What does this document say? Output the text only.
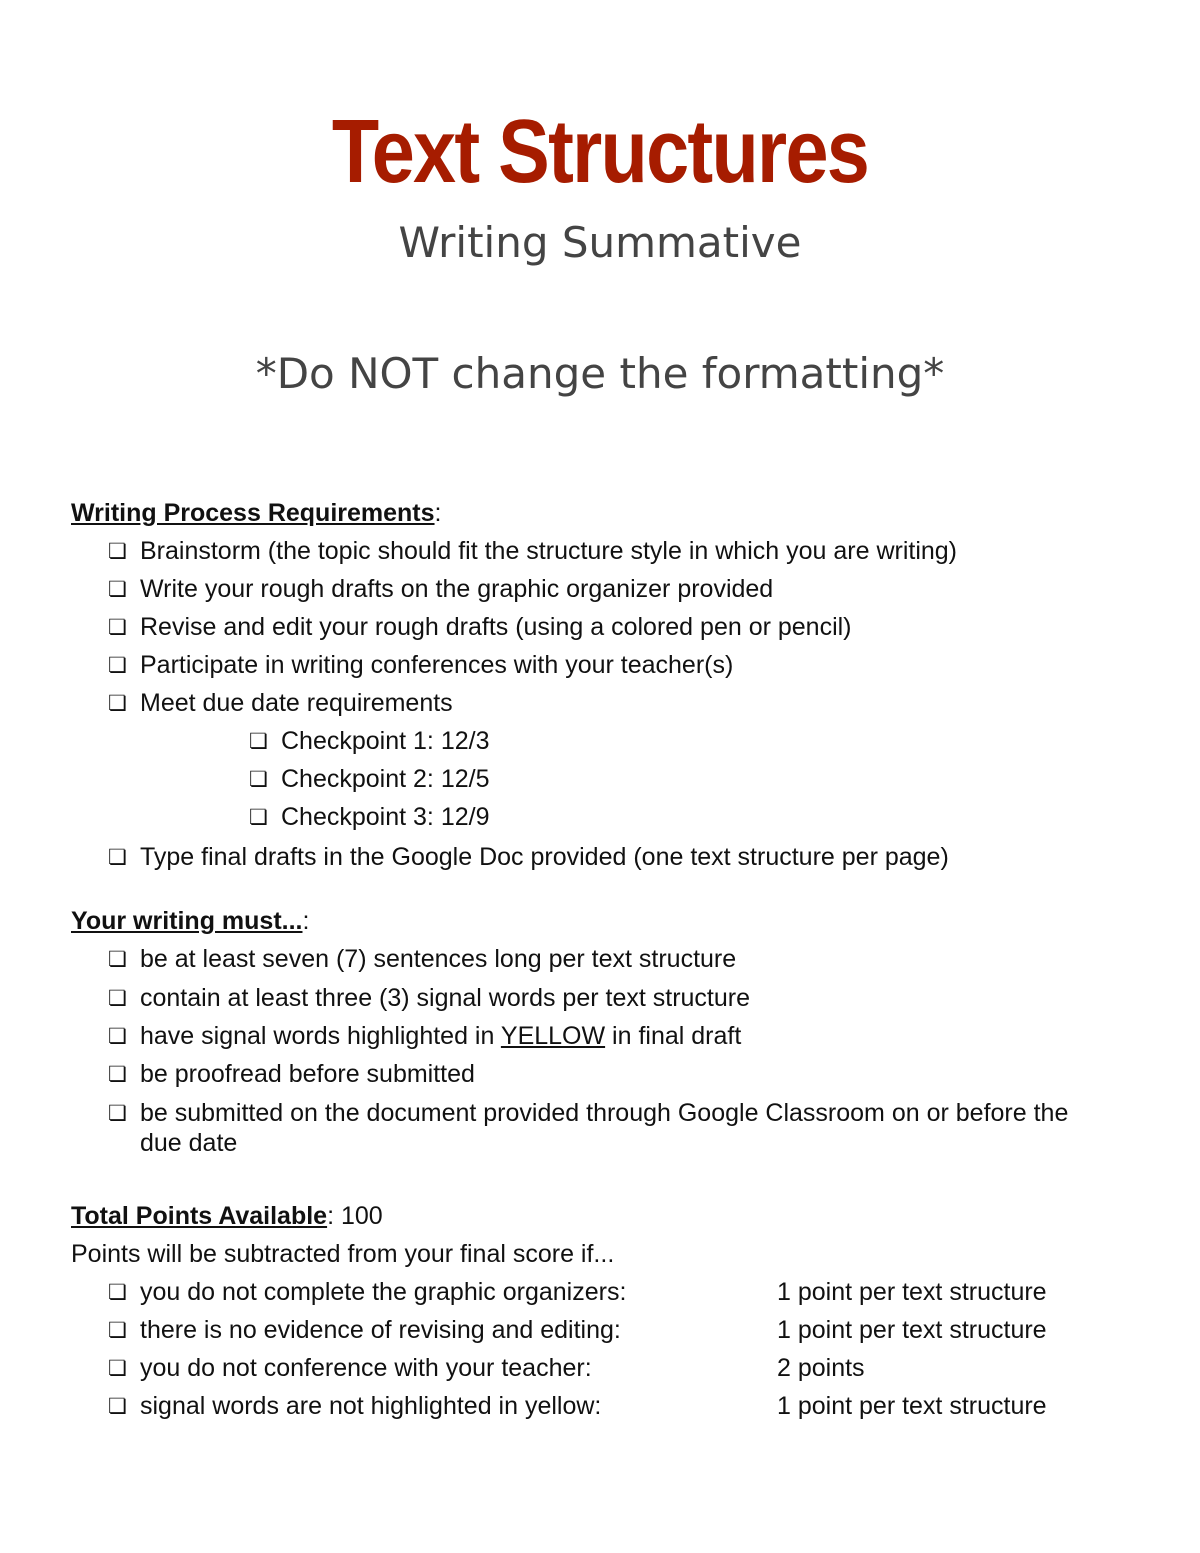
Text Structures
Writing Summative
*Do NOT change the formatting*
Writing Process Requirements:
❏ Brainstorm (the topic should fit the structure style in which you are writing)
❏ Write your rough drafts on the graphic organizer provided
❏ Revise and edit your rough drafts (using a colored pen or pencil)
❏ Participate in writing conferences with your teacher(s)
❏ Meet due date requirements
❏ Checkpoint 1: 12/3
❏ Checkpoint 2: 12/5
❏ Checkpoint 3: 12/9
❏ Type final drafts in the Google Doc provided (one text structure per page)
Your writing must...:
❏ be at least seven (7) sentences long per text structure
❏ contain at least three (3) signal words per text structure
❏ have signal words highlighted in YELLOW in final draft
❏ be proofread before submitted
❏ be submitted on the document provided through Google Classroom on or before the due date
Total Points Available: 100
Points will be subtracted from your final score if...
❏ you do not complete the graphic organizers:	1 point per text structure
❏ there is no evidence of revising and editing:	1 point per text structure
❏ you do not conference with your teacher:	2 points
❏ signal words are not highlighted in yellow:	1 point per text structure
